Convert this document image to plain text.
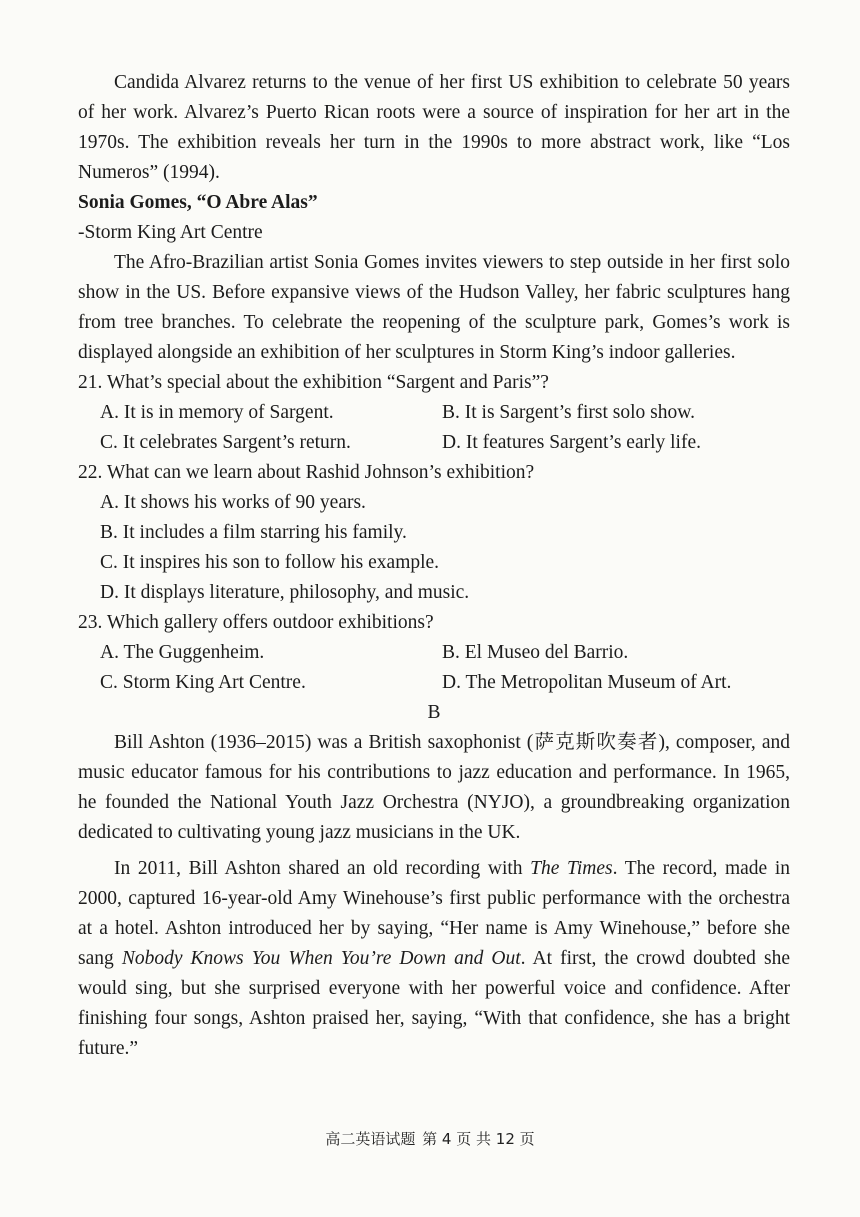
Candida Alvarez returns to the venue of her first US exhibition to celebrate 50 years of her work. Alvarez’s Puerto Rican roots were a source of inspiration for her art in the 1970s. The exhibition reveals her turn in the 1990s to more abstract work, like “Los Numeros” (1994).

Sonia Gomes, “O Abre Alas”

-Storm King Art Centre

The Afro-Brazilian artist Sonia Gomes invites viewers to step outside in her first solo show in the US. Before expansive views of the Hudson Valley, her fabric sculptures hang from tree branches. To celebrate the reopening of the sculpture park, Gomes’s work is displayed alongside an exhibition of her sculptures in Storm King’s indoor galleries.

21. What’s special about the exhibition “Sargent and Paris”?

A. It is in memory of Sargent.	B. It is Sargent’s first solo show.
C. It celebrates Sargent’s return.	D. It features Sargent’s early life.

22. What can we learn about Rashid Johnson’s exhibition?

A. It shows his works of 90 years.
B. It includes a film starring his family.
C. It inspires his son to follow his example.
D. It displays literature, philosophy, and music.

23. Which gallery offers outdoor exhibitions?

A. The Guggenheim.	B. El Museo del Barrio.
C. Storm King Art Centre.	D. The Metropolitan Museum of Art.

B

Bill Ashton (1936–2015) was a British saxophonist (萨克斯吹奏者), composer, and music educator famous for his contributions to jazz education and performance. In 1965, he founded the National Youth Jazz Orchestra (NYJO), a groundbreaking organization dedicated to cultivating young jazz musicians in the UK.

In 2011, Bill Ashton shared an old recording with The Times. The record, made in 2000, captured 16-year-old Amy Winehouse’s first public performance with the orchestra at a hotel. Ashton introduced her by saying, “Her name is Amy Winehouse,” before she sang Nobody Knows You When You’re Down and Out. At first, the crowd doubted she would sing, but she surprised everyone with her powerful voice and confidence. After finishing four songs, Ashton praised her, saying, “With that confidence, she has a bright future.”

高二英语试题 第 4 页 共 12 页
